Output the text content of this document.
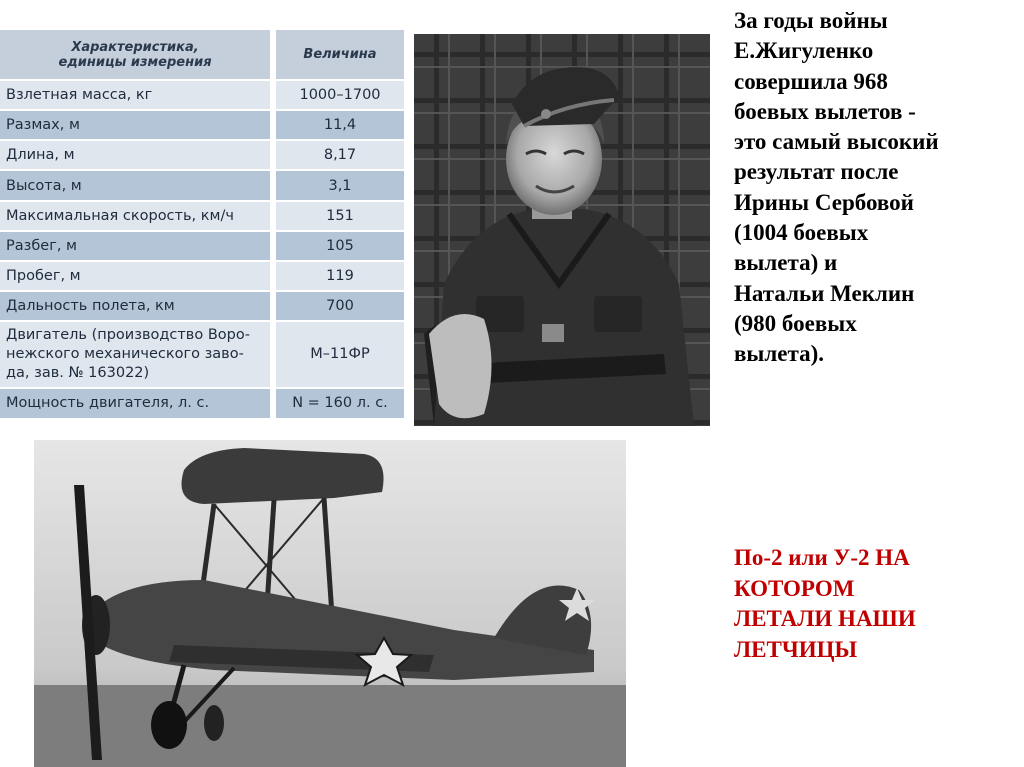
Характеристика,
единицы измерения	Величина
Взлетная масса, кг	1000–1700
Размах, м	11,4
Длина, м	8,17
Высота, м	3,1
Максимальная скорость, км/ч	151
Разбег, м	105
Пробег, м	119
Дальность полета, км	700
Двигатель (производство Воро-
нежского механического заво-
да, зав. № 163022)	М–11ФР
Мощность двигателя, л. с.	N = 160 л. с.

За годы войны
Е.Жигуленко
совершила 968
боевых вылетов -
это самый высокий
результат после
Ирины Сербовой
(1004 боевых
вылета) и
Натальи Меклин
(980 боевых
вылета).

По-2 или У-2 НА
КОТОРОМ
ЛЕТАЛИ НАШИ
ЛЕТЧИЦЫ
